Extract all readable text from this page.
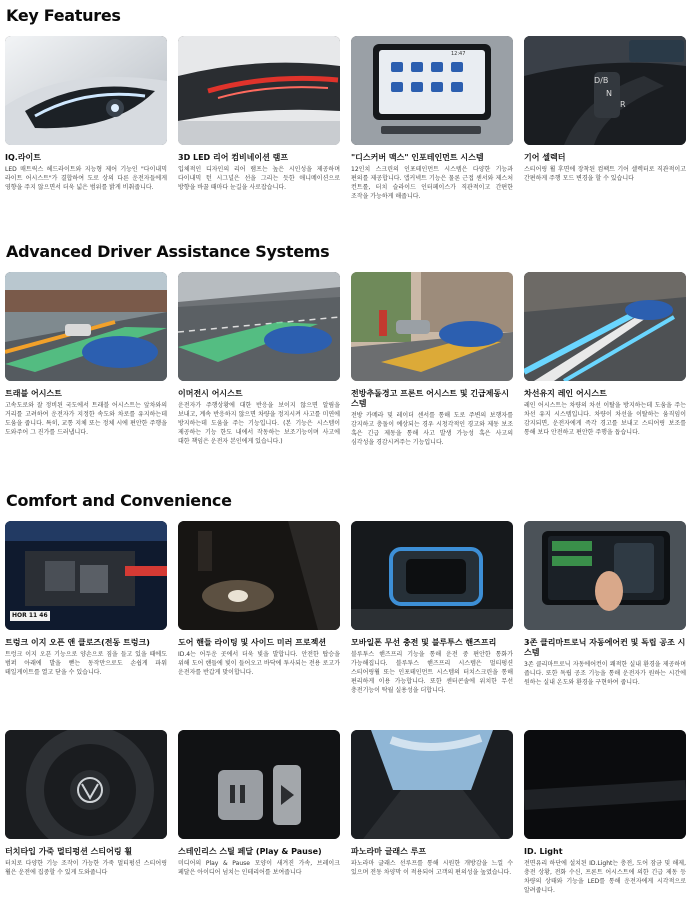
Key Features

IQ.라이트

LED 매트릭스 헤드라이트와 지능형 제어 기능인 "다이내믹 라이트 어시스트"가 결합하여 도로 상의 다른 운전자들에게 영향을 주지 않으면서 더욱 넓은 범위를 밝게 비춰줍니다.

3D LED 리어 컴비네이션 램프

입체적인 디자인의 리어 램프는 높은 시인성을 제공하며 다이내믹 턴 시그널은 선을 그리는 듯한 애니메이션으로 방향을 바꿀 때마다 눈길을 사로잡습니다.

12:47

"디스커버 맥스" 인포테인먼트 시스템

12인치 스크린의 인포테인먼트 시스템은 다양한 기능과 편의를 제공합니다. 앱커넥트 기능은 물론 근접 센서와 제스처 컨트롤, 터치 슬라이드 인터페이스가 직관적이고 간편한 조작을 가능하게 해줍니다.

D/B
N
R

기어 셀렉터

스티어링 휠 후면에 장착된 컴팩트 기어 셀렉터로 직관적이고 간편하게 주행 모드 변경을 할 수 있습니다

Advanced Driver Assistance Systems

트래블 어시스트

고속도로와 잘 정비된 국도에서 트래블 어시스트는 앞차와의 거리를 고려하여 운전자가 지정한 속도와 차로를 유지하는데 도움을 줍니다. 특히, 교통 지체 또는 정체 시에 편안한 주행을 도와주어 그 진가를 드러냅니다.

이머전시 어시스트

운전자가 주행상황에 대한 반응을 보이지 않으면 알림을 보내고, 계속 반응하지 않으면 차량을 정지시켜 사고를 미연에 방지하는데 도움을 주는 기능입니다. (본 기능은 시스템이 제공하는 기능 한도 내에서 작동하는 보조기능이며 사고에 대한 책임은 운전자 본인에게 있습니다.)

전방추돌경고 프론트 어시스트 및 긴급제동시스템

전방 카메라 및 레이더 센서를 통해 도로 주변의 보행자를 감지하고 충돌이 예상되는 경우 시청각적인 경고와 제동 보조 혹은 긴급 제동을 통해 사고 발생 가능성 혹은 사고의 심각성을 경감시켜주는 기능입니다.

차선유지 레인 어시스트

레인 어시스트는 차량의 차선 이탈을 방지하는데 도움을 주는 차선 유지 시스템입니다. 차량이 차선을 이탈하는 움직임이 감지되면, 운전자에게 즉각 경고를 보내고 스티어링 보조를 통해 보다 안전하고 편안한 주행을 돕습니다.

Comfort and Convenience
HOR 11 46

트렁크 이지 오픈 앤 클로즈(전동 트렁크)

트렁크 이지 오픈 기능으로 양손으로 짐을 들고 있을 때에도 범퍼 아래에 발을 뻗는 동작만으로도 손쉽게 파워 테일게이트를 열고 닫을 수 있습니다.

도어 핸들 라이팅 및 사이드 미러 프로젝션

ID.4는 어두운 곳에서 더욱 빛을 발합니다. 안전한 탑승을 위해 도어 핸들에 빛이 들어오고 바닥에 투사되는 전용 로고가 운전자를 반갑게 맞이합니다.

모바일폰 무선 충전 및 블루투스 핸즈프리

블루투스 핸즈프리 기능을 통해 운전 중 편안한 통화가 가능해집니다. 블루투스 핸즈프리 시스템은 멀티펑션 스티어링휠 또는 인포테인먼트 시스템의 터치스크린을 통해 편리하게 이용 가능합니다. 또한 센터콘솔에 위치한 무선 충전기능이 탁월 실용성을 더합니다.

3존 클리마트로닉 자동에어컨 및 독립 공조 시스템

3존 클리마트로닉 자동에어컨이 쾌적한 실내 환경을 제공하며 줍니다. 또한 독립 공조 기능을 통해 운전자가 원하는 시간에 원하는 실내 온도와 환경을 구현하여 줍니다.

터치타입 가죽 멀티펑션 스티어링 휠

터치로 다양한 기능 조작이 가능한 가죽 멀티펑션 스티어링 휠은 운전에 집중할 수 있게 도와줍니다

스테인리스 스틸 페달 (Play & Pause)

미디어의 Play & Pause 모양이 새겨진 가속, 브레이크 페달은 아이디어 넘치는 인테리어를 보여줍니다

파노라마 글래스 루프

파노라마 글래스 선루프를 통해 시원한 개방감을 느낄 수 있으며 전동 차양막 이 적용되어 고객의 편의성을 높였습니다.

ID. Light

전면유리 하단에 설치된 ID.Light는 충전, 도어 잠금 및 해제, 충전 상황, 전화 수신, 프론트 어시스트에 의한 긴급 제동 등 차량의 상태와 기능을 LED를 통해 운전자에게 시각적으로 알려줍니다.
